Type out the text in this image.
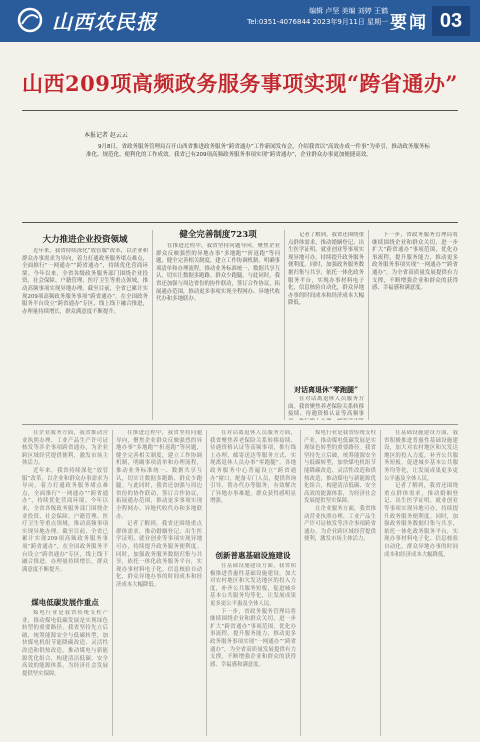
山西农民报	编辑 卢坚 美编 刘婷 王鹤
Tel:0351-4076844 2023年9月11日 星期一 要闻 03
山西209项高频政务服务事项实现“跨省通办”
本报记者 赵云云
9月8日，省政务服务管理局召开山西省推进政务服务“跨省通办”工作新闻发布会，介绍我省以“高效办成一件事”为牵引，推动政务服务标准化、规范化、便利化的工作成效。我省已有209项高频政务服务事项实现“跨省通办”，企业群众办事更加便捷高效。
大力推进企业投资领域

近年来，我省持续深化“放管服”改革，以企业和群众办事需求为导向，着力打通政务服务堵点难点，全面推行“一网通办”“跨省通办”，持续优化营商环境。今年以来，全省各级政务服务部门围绕企业投资、社会保障、户籍管理、医疗卫生等重点领域，推动高频事项实现异地办理。截至目前，全省已累计实现209项高频政务服务事项“跨省通办”，在全国政务服务平台设立“跨省通办”专区，线上线下融合推进，办理量持续增长，群众满意度不断提升。

健全完善制度723项

在推进过程中，我省坚持问题导向，聚焦企业群众反映强烈的异地办事“多地跑”“折返跑”等问题，健全完善相关制度，建立工作协调机制，明确事项清单和办理流程，推动业务标准统一、数据共享互认，切实让数据多跑路、群众少跑腿。与此同时，我省还加强与周边省份的协作联动，签订合作协议，拓展通办范围，推动更多事项实现全程网办、异地代收代办和多地联办。

记者了解到，我省还围绕重点群体需求，推动婚姻登记、出生医学证明、就业创业等事项实现异地可办，持续提升政务服务便利度。同时，加强政务服务数据归集与共享，依托一体化政务服务平台，实现办事材料电子化、信息核验自动化，群众异地办事的时间成本和经济成本大幅降低。

对话离退休“零跑腿”

在对话离退休人员服务方面，我省聚焦养老保险关系转移接续、待遇资格认证等高频事

下一步，省政务服务管理局将继续围绕企业和群众关切，进一步扩大“跨省通办”事项范围，优化办事流程，提升服务能力，推动更多政务服务事项实现“一网通办”“跨省通办”，为全省高质量发展提供有力支撑，不断增强企业和群众的获得感、幸福感和满意度。

在企业服务方面，我省推动营业执照办理、工业产品生产许可证核发等涉企事项跨省通办，为企业跨区域经营提供便利，激发市场主体活力。

近年来，我省持续深化“放管服”改革，以企业和群众办事需求为导向，着力打通政务服务堵点难点，全面推行“一网通办”“跨省通办”，持续优化营商环境。今年以来，全省各级政务服务部门围绕企业投资、社会保障、户籍管理、医疗卫生等重点领域，推动高频事项实现异地办理。截至目前，全省已累计实现209项高频政务服务事项“跨省通办”，在全国政务服务平台设立“跨省通办”专区，线上线下融合推进，办理量持续增长，群众满意度不断提升。

煤电低碳发展作重点

煤电行业是我省传统支柱产业，推动煤电低碳发展是实现绿色转型的重要路径。我省坚持先立后破，统筹能源安全与低碳转型，加快煤电机组节能降碳改造、灵活性改造和供热改造，推动煤电与新能源优化组合，构建清洁低碳、安全高效的能源体系，为经济社会发展提供坚实保障。

在推进过程中，我省坚持问题导向，聚焦企业群众反映强烈的异地办事“多地跑”“折返跑”等问题，健全完善相关制度，建立工作协调机制，明确事项清单和办理流程，推动业务标准统一、数据共享互认，切实让数据多跑路、群众少跑腿。与此同时，我省还加强与周边省份的协作联动，签订合作协议，拓展通办范围，推动更多事项实现全程网办、异地代收代办和多地联办。

记者了解到，我省还围绕重点群体需求，推动婚姻登记、出生医学证明、就业创业等事项实现异地可办，持续提升政务服务便利度。同时，加强政务服务数据归集与共享，依托一体化政务服务平台，实现办事材料电子化、信息核验自动化，群众异地办事的时间成本和经济成本大幅降低。

在对话离退休人员服务方面，我省聚焦养老保险关系转移接续、待遇资格认证等高频事项，推行线上办理、邮寄送达等服务方式，实现离退休人员办事“零跑腿”。各地政务服务中心普遍设立“跨省通办”窗口，配备专门人员，提供咨询引导、帮办代办等服务，有效解决了异地办事难题，群众获得感明显增强。

创新普惠基础设施建设

在基础设施建设方面，我省积极推进普惠性基础设施建设，加大对农村地区和欠发达地区的投入力度，补齐公共服务短板，促进城乡基本公共服务均等化，让发展成果更多更公平惠及全体人民。

下一步，省政务服务管理局将继续围绕企业和群众关切，进一步扩大“跨省通办”事项范围，优化办事流程，提升服务能力，推动更多政务服务事项实现“一网通办”“跨省通办”，为全省高质量发展提供有力支撑，不断增强企业和群众的获得感、幸福感和满意度。

煤电行业是我省传统支柱产业，推动煤电低碳发展是实现绿色转型的重要路径。我省坚持先立后破，统筹能源安全与低碳转型，加快煤电机组节能降碳改造、灵活性改造和供热改造，推动煤电与新能源优化组合，构建清洁低碳、安全高效的能源体系，为经济社会发展提供坚实保障。

在企业服务方面，我省推动营业执照办理、工业产品生产许可证核发等涉企事项跨省通办，为企业跨区域经营提供便利，激发市场主体活力。

在基础设施建设方面，我省积极推进普惠性基础设施建设，加大对农村地区和欠发达地区的投入力度，补齐公共服务短板，促进城乡基本公共服务均等化，让发展成果更多更公平惠及全体人民。

记者了解到，我省还围绕重点群体需求，推动婚姻登记、出生医学证明、就业创业等事项实现异地可办，持续提升政务服务便利度。同时，加强政务服务数据归集与共享，依托一体化政务服务平台，实现办事材料电子化、信息核验自动化，群众异地办事的时间成本和经济成本大幅降低。
